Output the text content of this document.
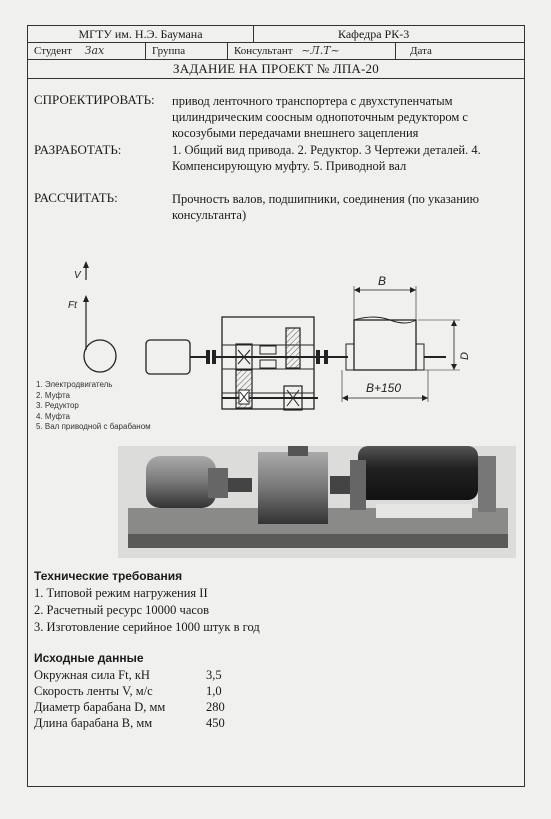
МГТУ им. Н.Э. Баумана	Кафедра РК-3
Студент Зах	Группа	Консультант ~Л.Т~	Дата
ЗАДАНИЕ НА ПРОЕКТ № ЛПА-20
СПРОЕКТИРОВАТЬ: привод ленточного транспортера с двухступенчатым цилиндрическим соосным однопоточным редуктором с косозубыми передачами внешнего зацепления
РАЗРАБОТАТЬ:	1. Общий вид привода. 2. Редуктор. 3 Чертежи деталей. 4. Компенсирующую муфту. 5. Приводной вал
РАССЧИТАТЬ:	Прочность валов, подшипники, соединения (по указанию консультанта)
V
Ft
B
B+150
D
1. Электродвигатель
2. Муфта
3. Редуктор
4. Муфта
5. Вал приводной с барабаном
Технические требования
1. Типовой режим нагружения II
2. Расчетный ресурс 10000 часов
3. Изготовление серийное 1000 штук в год
Исходные данные
Окружная сила Ft, кН	3,5
Скорость ленты V, м/с	1,0
Диаметр барабана D, мм	280
Длина барабана B, мм	450
